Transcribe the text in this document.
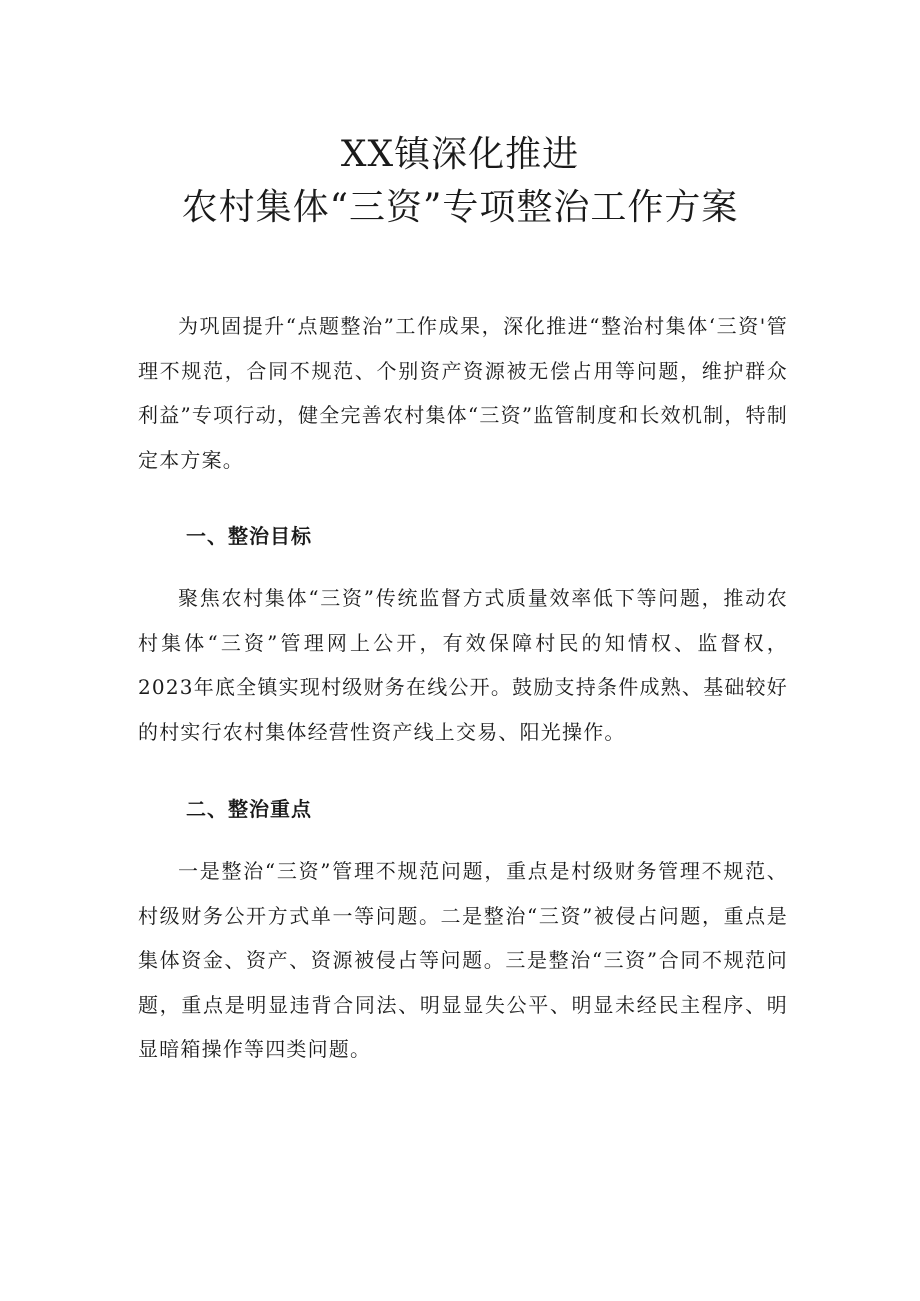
XX镇深化推进
农村集体“三资”专项整治工作方案

为巩固提升“点题整治”工作成果，深化推进“整治村集体‘三资'管理不规范，合同不规范、个别资产资源被无偿占用等问题，维护群众利益”专项行动，健全完善农村集体“三资”监管制度和长效机制，特制定本方案。

一、整治目标

聚焦农村集体“三资”传统监督方式质量效率低下等问题，推动农村集体“三资”管理网上公开，有效保障村民的知情权、监督权，2023年底全镇实现村级财务在线公开。鼓励支持条件成熟、基础较好的村实行农村集体经营性资产线上交易、阳光操作。

二、整治重点

一是整治“三资”管理不规范问题，重点是村级财务管理不规范、村级财务公开方式单一等问题。二是整治“三资”被侵占问题，重点是集体资金、资产、资源被侵占等问题。三是整治“三资”合同不规范问题，重点是明显违背合同法、明显显失公平、明显未经民主程序、明显暗箱操作等四类问题。
